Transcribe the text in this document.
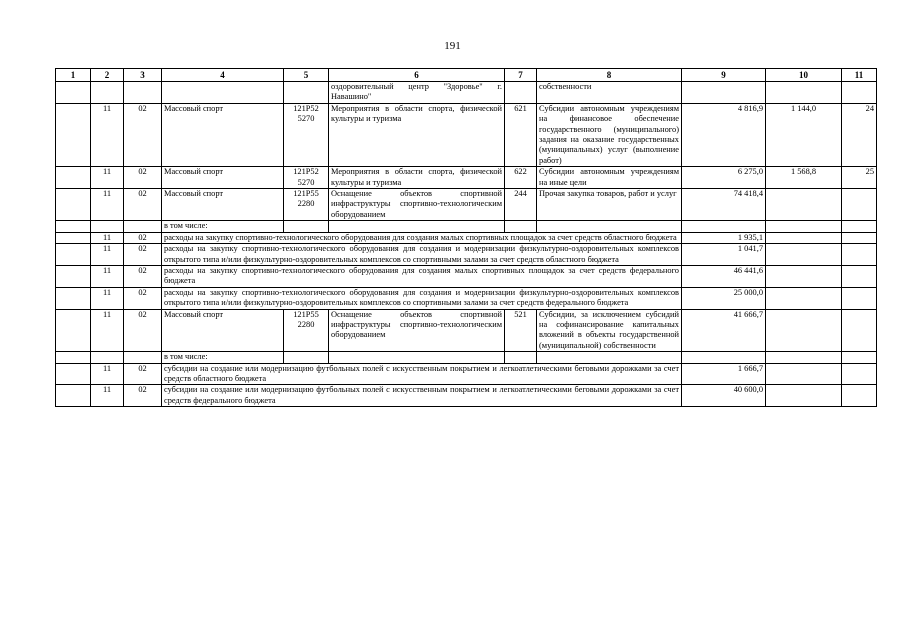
191
1	2	3	4	5	6	7	8	9	10	11
					оздоровительный центр "Здоровье" г. Навашино"		собственности			
	11	02	Массовый спорт	121P52 5270	Мероприятия в области спорта, физической культуры и туризма	621	Субсидии автономным учреждениям на финансовое обеспечение государственного (муниципального) задания на оказание государственных (муниципальных) услуг (выполнение работ)	4 816,9	1 144,0	24
	11	02	Массовый спорт	121P52 5270	Мероприятия в области спорта, физической культуры и туризма	622	Субсидии автономным учреждениям на иные цели	6 275,0	1 568,8	25
	11	02	Массовый спорт	121P55 2280	Оснащение объектов спортивной инфраструктуры спортивно-технологическим оборудованием	244	Прочая закупка товаров, работ и услуг	74 418,4		
			в том числе:							
	11	02	расходы на закупку спортивно-технологического оборудования для создания малых спортивных площадок за счет средств областного бюджета					1 935,1		
	11	02	расходы на закупку спортивно-технологического оборудования для создания и модернизации физкультурно-оздоровительных комплексов открытого типа и/или физкультурно-оздоровительных комплексов со спортивными залами за счет средств областного бюджета					1 041,7		
	11	02	расходы на закупку спортивно-технологического оборудования для создания малых спортивных площадок за счет средств федерального бюджета					46 441,6		
	11	02	расходы на закупку спортивно-технологического оборудования для создания и модернизации физкультурно-оздоровительных комплексов открытого типа и/или физкультурно-оздоровительных комплексов со спортивными залами за счет средств федерального бюджета					25 000,0		
	11	02	Массовый спорт	121P55 2280	Оснащение объектов спортивной инфраструктуры спортивно-технологическим оборудованием	521	Субсидии, за исключением субсидий на софинансирование капитальных вложений в объекты государственной (муниципальной) собственности	41 666,7		
			в том числе:							
	11	02	субсидии на создание или модернизацию футбольных полей с искусственным покрытием и легкоатлетическими беговыми дорожками за счет средств областного бюджета					1 666,7		
	11	02	субсидии на создание или модернизацию футбольных полей с искусственным покрытием и легкоатлетическими беговыми дорожками за счет средств федерального бюджета					40 600,0		
